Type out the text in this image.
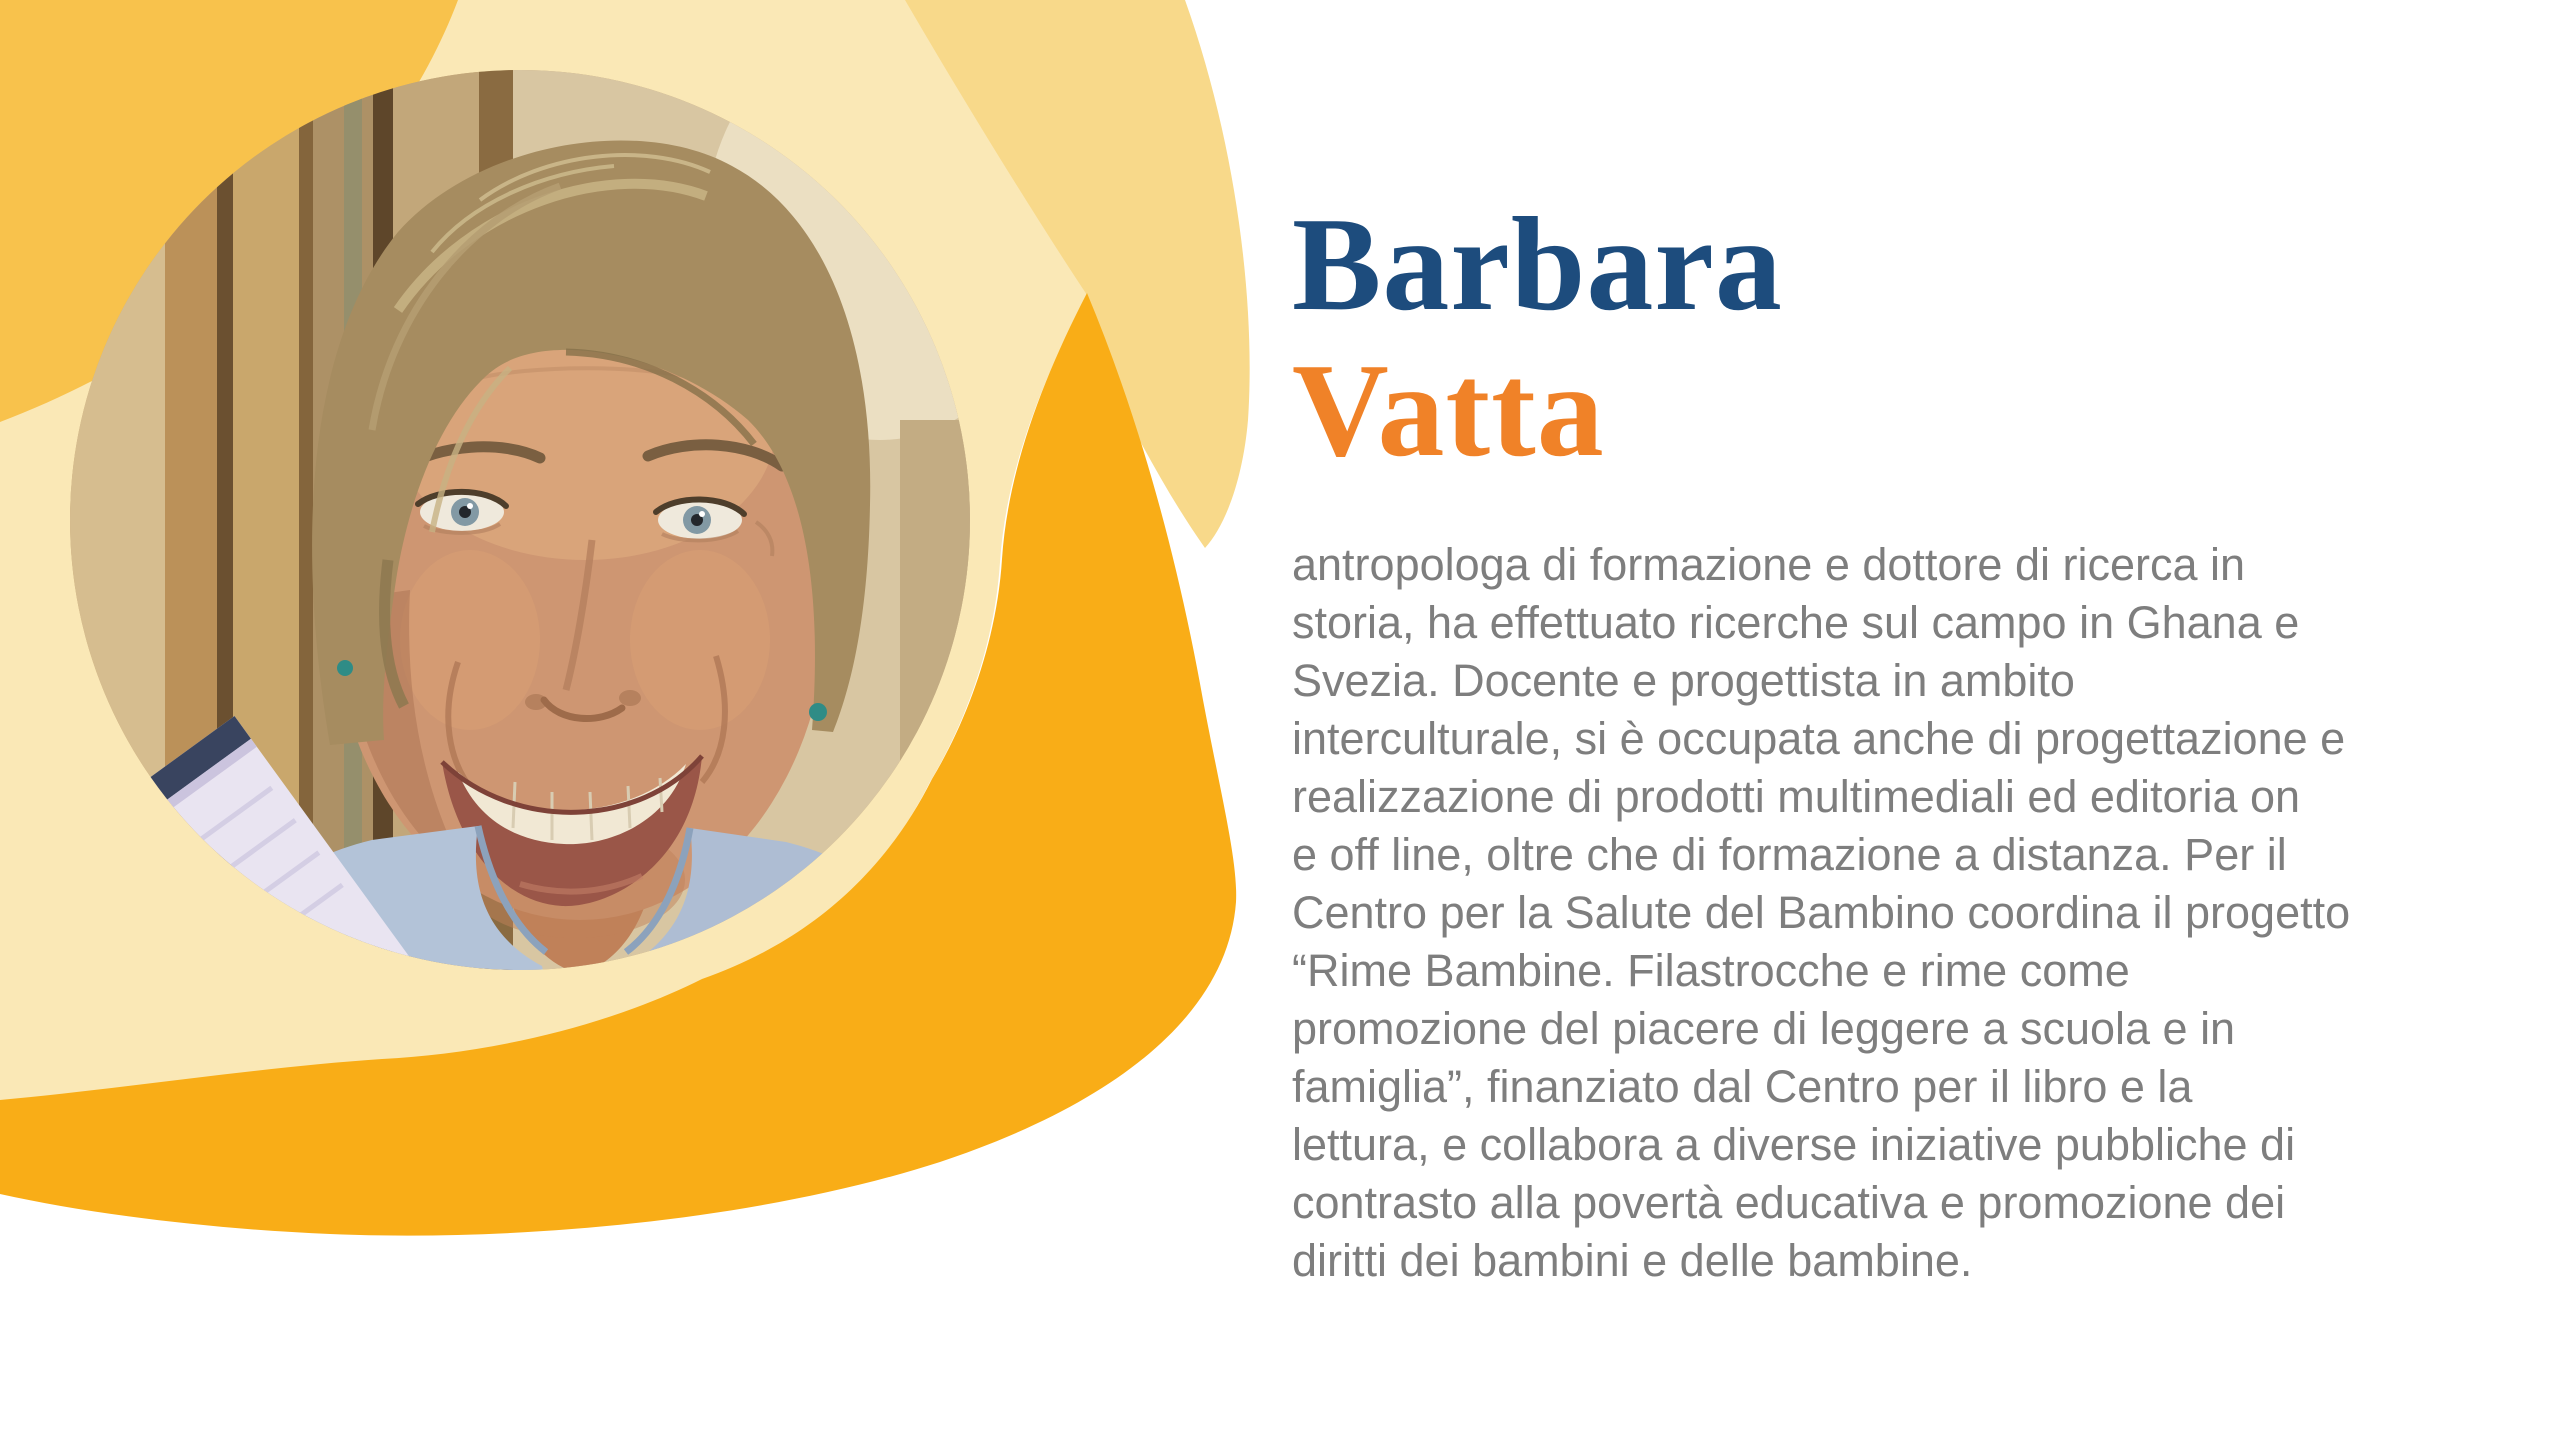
Barbara
Vatta
antropologa di formazione e dottore di ricerca in
storia, ha effettuato ricerche sul campo in Ghana e
Svezia. Docente e progettista in ambito
interculturale, si è occupata anche di progettazione e
realizzazione di prodotti multimediali ed editoria on
e off line, oltre che di formazione a distanza. Per il
Centro per la Salute del Bambino coordina il progetto
“Rime Bambine. Filastrocche e rime come
promozione del piacere di leggere a scuola e in
famiglia”, finanziato dal Centro per il libro e la
lettura, e collabora a diverse iniziative pubbliche di
contrasto alla povertà educativa e promozione dei
diritti dei bambini e delle bambine.
